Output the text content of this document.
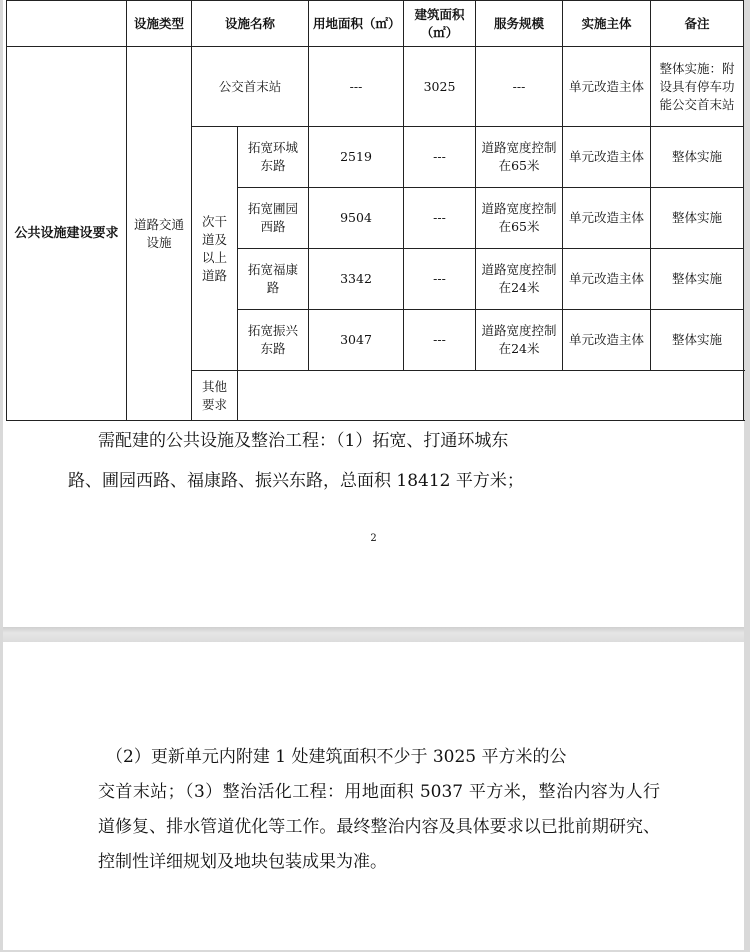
	设施类型	设施名称		用地面积（㎡）	建筑面积（㎡）	服务规模	实施主体	备注
公共设施建设要求	道路交通设施	公交首末站		---	3025	---	单元改造主体	整体实施：附设具有停车功能公交首末站
		次干道及以上道路	拓宽环城东路	2519	---	道路宽度控制在65米	单元改造主体	整体实施
			拓宽圃园西路	9504	---	道路宽度控制在65米	单元改造主体	整体实施
			拓宽福康路	3342	---	道路宽度控制在24米	单元改造主体	整体实施
			拓宽振兴东路	3047	---	道路宽度控制在24米	单元改造主体	整体实施
		其他要求						
需配建的公共设施及整治工程：（1）拓宽、打通环城东
路、圃园西路、福康路、振兴东路，总面积 18412 平方米；
2
（2）更新单元内附建 1 处建筑面积不少于 3025 平方米的公
交首末站；（3）整治活化工程：用地面积 5037 平方米，整治内容为人行道修复、排水管道优化等工作。最终整治内容及具体要求以已批前期研究、控制性详细规划及地块包装成果为准。
